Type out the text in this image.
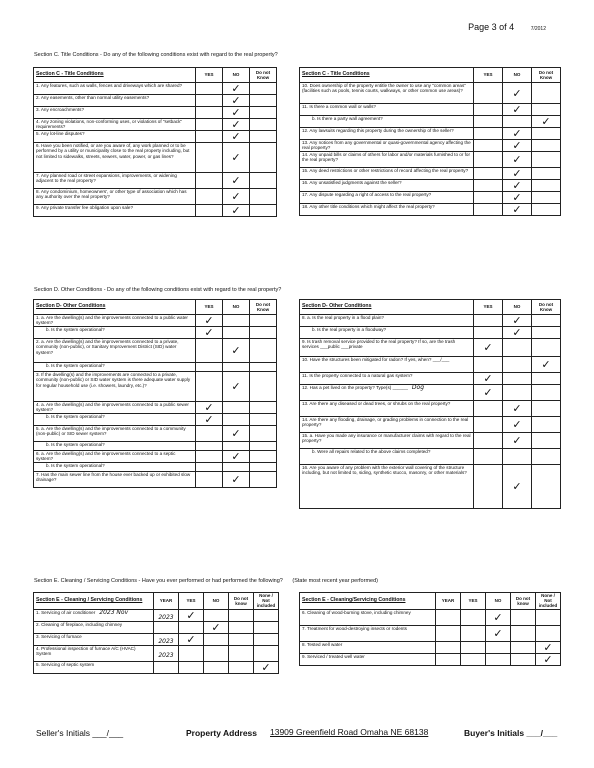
Page 3 of 4	7/2012
Section C. Title Conditions - Do any of the following conditions exist with regard to the real property?
Section C - Title Conditions	YES	NO	Do not Know
1. Any features, such as walls, fences and driveways which are shared?		✓	
2. Any easements, other than normal utility easements?		✓	
3. Any encroachments?		✓	
4. Any zoning violations, non-conforming uses, or violations of "setback" requirements?		✓	
5. Any lot-line disputes?		✓	
6. Have you been notified, or are you aware of, any work planned or to be performed by a utility or municipality close to the real property including, but not limited to sidewalks, streets, sewers, water, power, or gas lines?		✓	
7. Any planned road or street expansions, improvements, or widening adjacent to the real property?		✓	
8. Any condominium, homeowners', or other type of association which has any authority over the real property?		✓	
9. Any private transfer fee obligation upon sale?		✓	
Section C - Title Conditions	YES	NO	Do not Know
10. Does ownership of the property entitle the owner to use any "common areas" (facilities such as pools, tennis courts, walkways, or other common use areas)?		✓	
11. Is there a common wall or walls?		✓	
b. Is there a party wall agreement?			✓
12. Any lawsuits regarding this property during the ownership of the seller?		✓	
13. Any notices from any governmental or quasi-governmental agency affecting the real property?		✓	
14. Any unpaid bills or claims of others for labor and/or materials furnished to or for the real property?		✓	
15. Any deed restrictions or other restrictions of record affecting the real property?		✓	
16. Any unsatisfied judgments against the seller?		✓	
17. Any dispute regarding a right of access to the real property?		✓	
18. Any other title conditions which might affect the real property?		✓	
Section D. Other Conditions - Do any of the following conditions exist with regard to the real property?
Section D- Other Conditions	YES	NO	Do not Know
1. a. Are the dwelling(s) and the improvements connected to a public water system?	✓		
b. Is the system operational?	✓		
2. a. Are the dwelling(s) and the improvements connected to a private, community (non-public), or Sanitary Improvement District (SID) water system?		✓	
b. Is the system operational?			
3. If the dwelling(s) and the improvements are connected to a private, community (non-public) or SID water system is there adequate water supply for regular household use (i.e. showers, laundry, etc.)?		✓	
4. a. Are the dwelling(s) and the improvements connected to a public sewer system?	✓		
b. Is the system operational?	✓		
5. a. Are the dwelling(s) and the improvements connected to a community (non-public) or SID sewer system?		✓	
b. Is the system operational?			
6. a. Are the dwelling(s) and the improvements connected to a septic system?		✓	
b. Is the system operational?			
7. Has the main sewer line from the house ever backed up or exhibited slow drainage?		✓	
Section D- Other Conditions	YES	NO	Do not Know
8. a. Is the real property in a flood plain?		✓	
b. Is the real property in a floodway?		✓	
9. Is trash removal service provided to the real property? If so, are the trash services ___public ___private	✓		
10. Have the structures been mitigated for radon? If yes, when? ___/___			✓
11. Is the property connected to a natural gas system?	✓		
12. Has a pet lived on the property? Type(s) ______ Dog	✓		
13. Are there any diseased or dead trees, or shrubs on the real property?		✓	
14. Are there any flooding, drainage, or grading problems in connection to the real property?		✓	
15. a. Have you made any insurance or manufacturer claims with regard to the real property?		✓	
b. Were all repairs related to the above claims completed?			
16. Are you aware of any problem with the exterior wall covering of the structure including, but not limited to, siding, synthetic stucco, masonry, or other materials?		✓	
Section E. Cleaning / Servicing Conditions - Have you ever performed or had performed the following? (State most recent year performed)
Section E - Cleaning / Servicing Conditions	YEAR	YES	NO	Do not know	None / Not included
1. Servicing of air conditioner 2023 Nov	2023	✓			
2. Cleaning of fireplace, including chimney			✓		
3. Servicing of furnace	2023	✓			
4. Professional inspection of furnace A/C (HVAC) System	2023				
5. Servicing of septic system					✓
Section E - Cleaning/Servicing Conditions	YEAR	YES	NO	Do not know	None / Not included
6. Cleaning of wood-burning stove, including chimney			✓		
7. Treatment for wood-destroying insects or rodents			✓		
8. Tested well water					✓
9. Serviced / treated well water					✓
Seller's Initials ___/___	Property Address 13909 Greenfield Road Omaha NE 68138	Buyer's Initials ___/___
